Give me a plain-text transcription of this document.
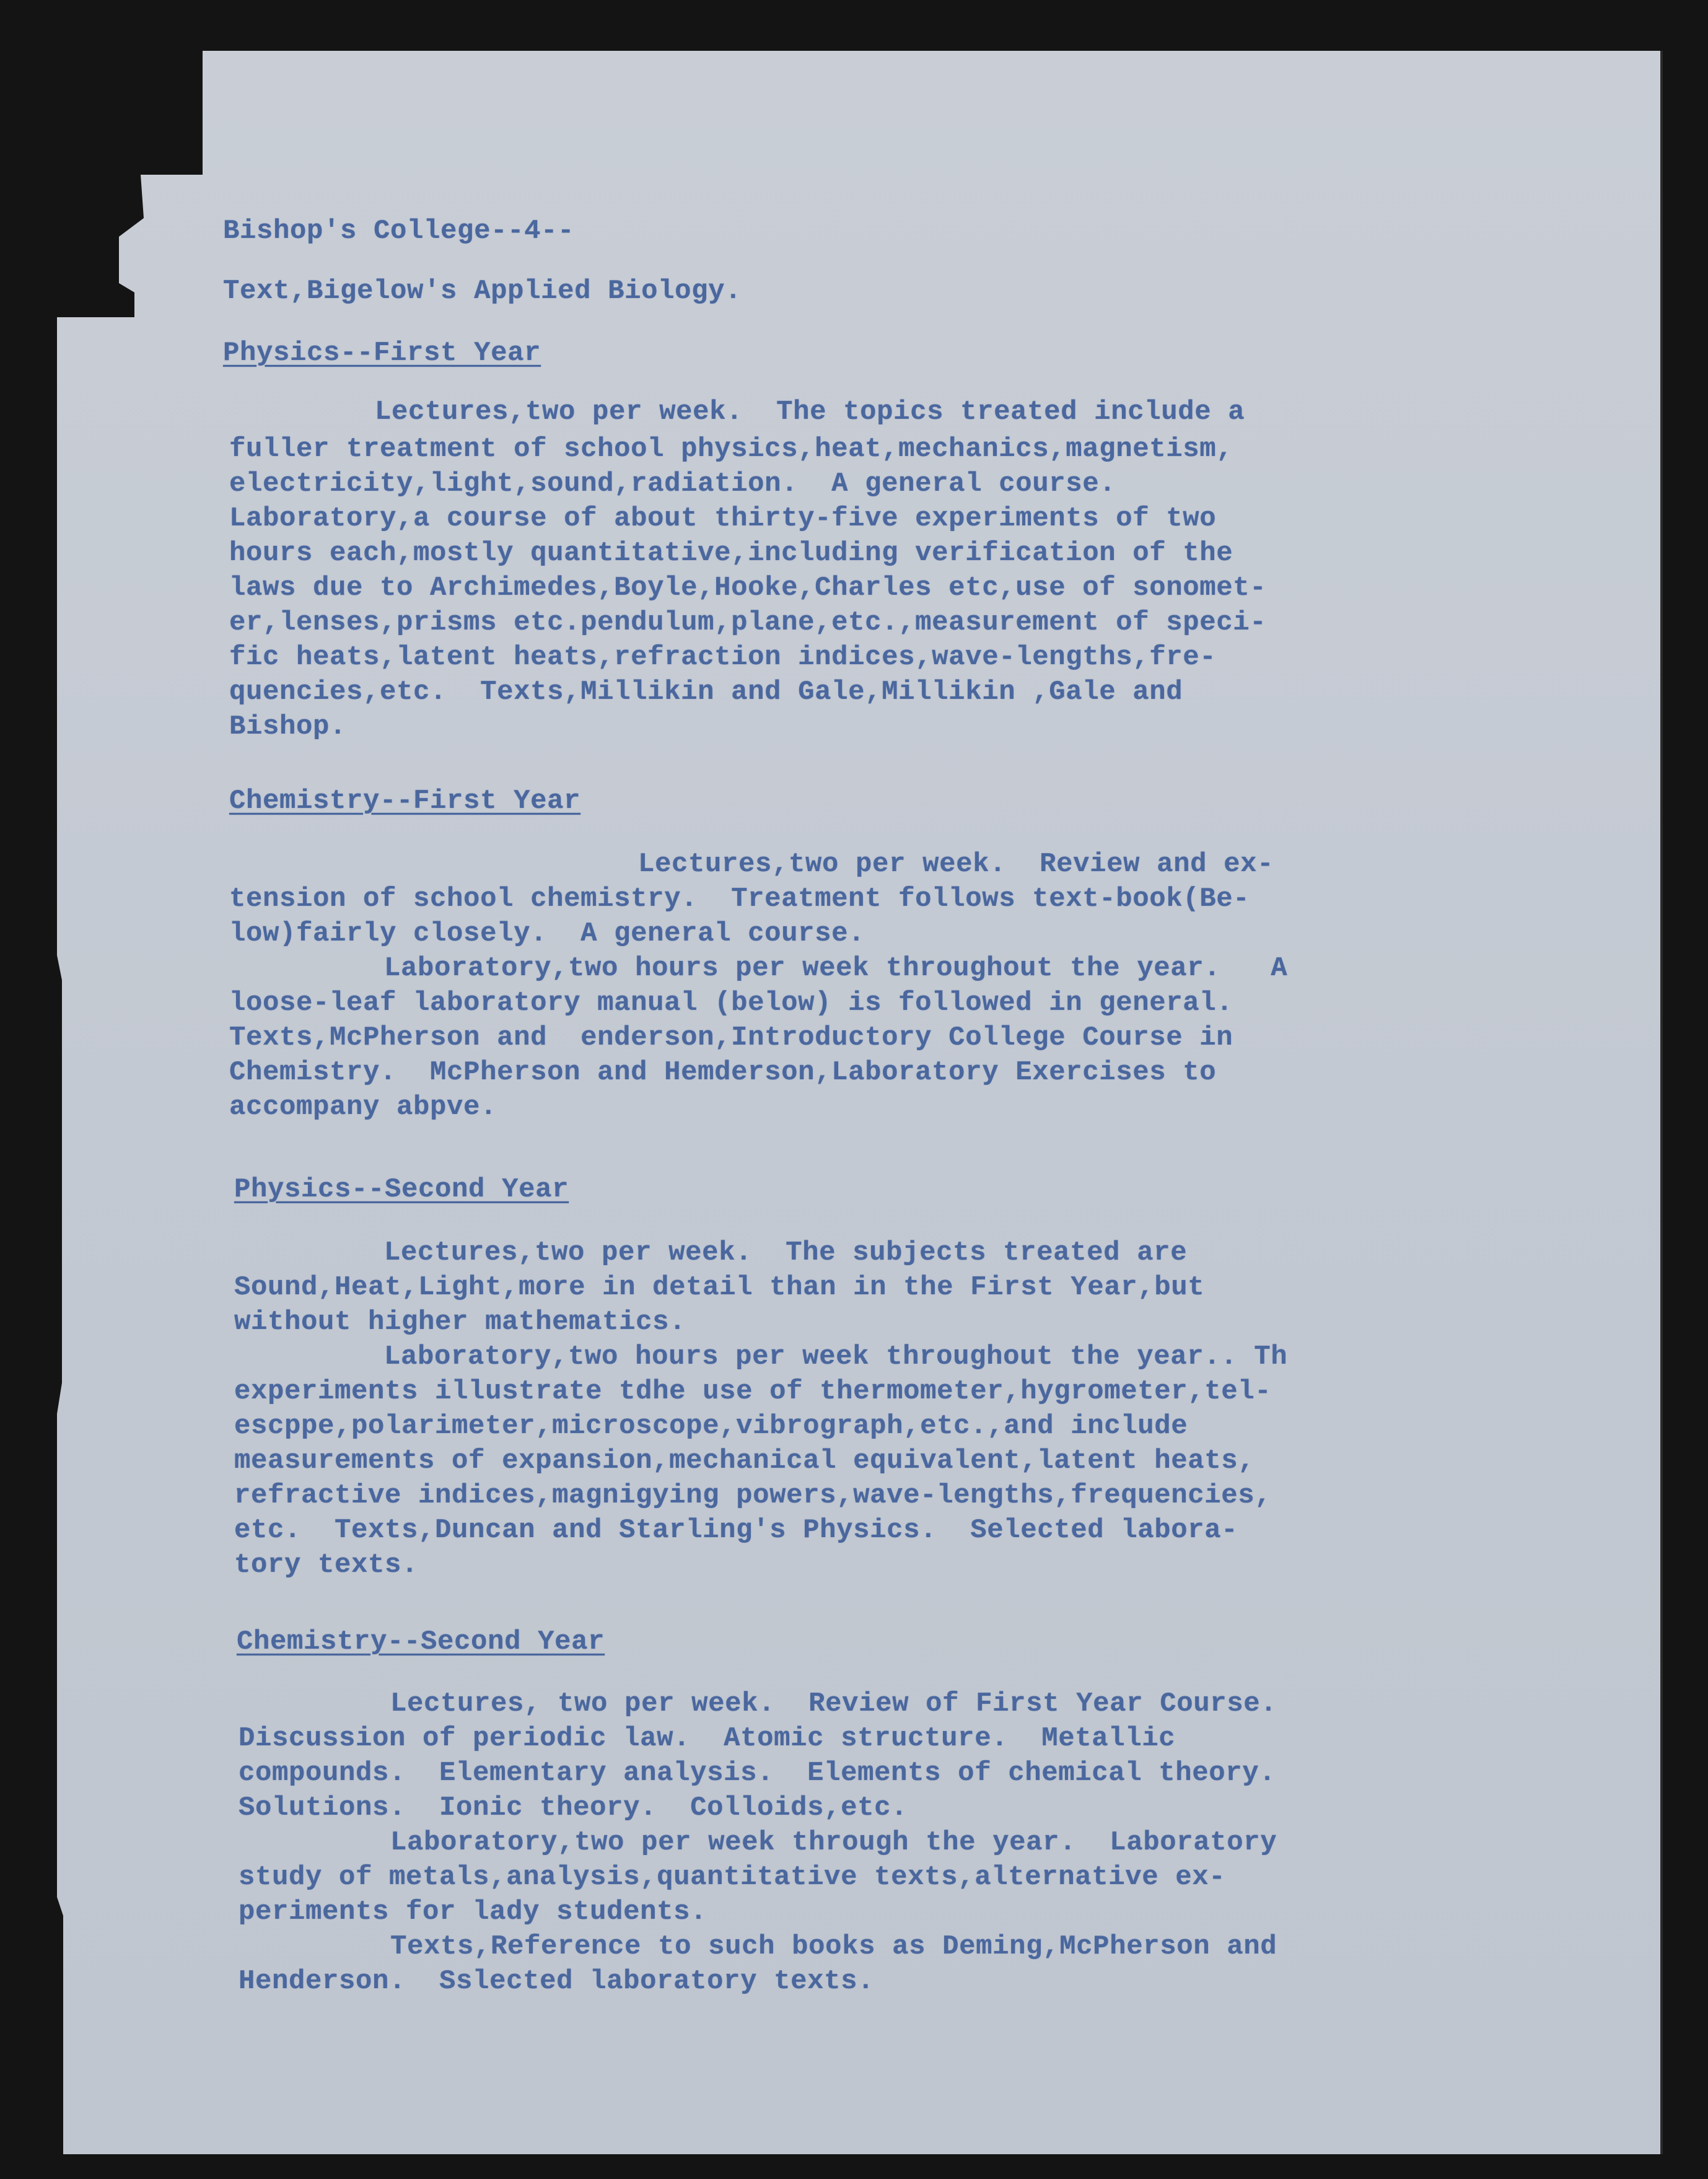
Bishop's College--4--
Text,Bigelow's Applied Biology.
Physics--First Year
Lectures,two per week.  The topics treated include a
fuller treatment of school physics,heat,mechanics,magnetism,
electricity,light,sound,radiation.  A general course.
Laboratory,a course of about thirty-five experiments of two
hours each,mostly quantitative,including verification of the
laws due to Archimedes,Boyle,Hooke,Charles etc,use of sonomet-
er,lenses,prisms etc.pendulum,plane,etc.,measurement of speci-
fic heats,latent heats,refraction indices,wave-lengths,fre-
quencies,etc.  Texts,Millikin and Gale,Millikin ,Gale and
Bishop.
Chemistry--First Year
Lectures,two per week.  Review and ex-
tension of school chemistry.  Treatment follows text-book(Be-
low)fairly closely.  A general course.
Laboratory,two hours per week throughout the year.   A
loose-leaf laboratory manual (below) is followed in general.
Texts,McPherson and  enderson,Introductory College Course in
Chemistry.  McPherson and Hemderson,Laboratory Exercises to
accompany abpve.
Physics--Second Year
Lectures,two per week.  The subjects treated are
Sound,Heat,Light,more in detail than in the First Year,but
without higher mathematics.
Laboratory,two hours per week throughout the year.. Th
experiments illustrate tdhe use of thermometer,hygrometer,tel-
escppe,polarimeter,microscope,vibrograph,etc.,and include
measurements of expansion,mechanical equivalent,latent heats,
refractive indices,magnigying powers,wave-lengths,frequencies,
etc.  Texts,Duncan and Starling's Physics.  Selected labora-
tory texts.
Chemistry--Second Year
Lectures, two per week.  Review of First Year Course.
Discussion of periodic law.  Atomic structure.  Metallic
compounds.  Elementary analysis.  Elements of chemical theory.
Solutions.  Ionic theory.  Colloids,etc.
Laboratory,two per week through the year.  Laboratory
study of metals,analysis,quantitative texts,alternative ex-
periments for lady students.
Texts,Reference to such books as Deming,McPherson and
Henderson.  Sslected laboratory texts.
